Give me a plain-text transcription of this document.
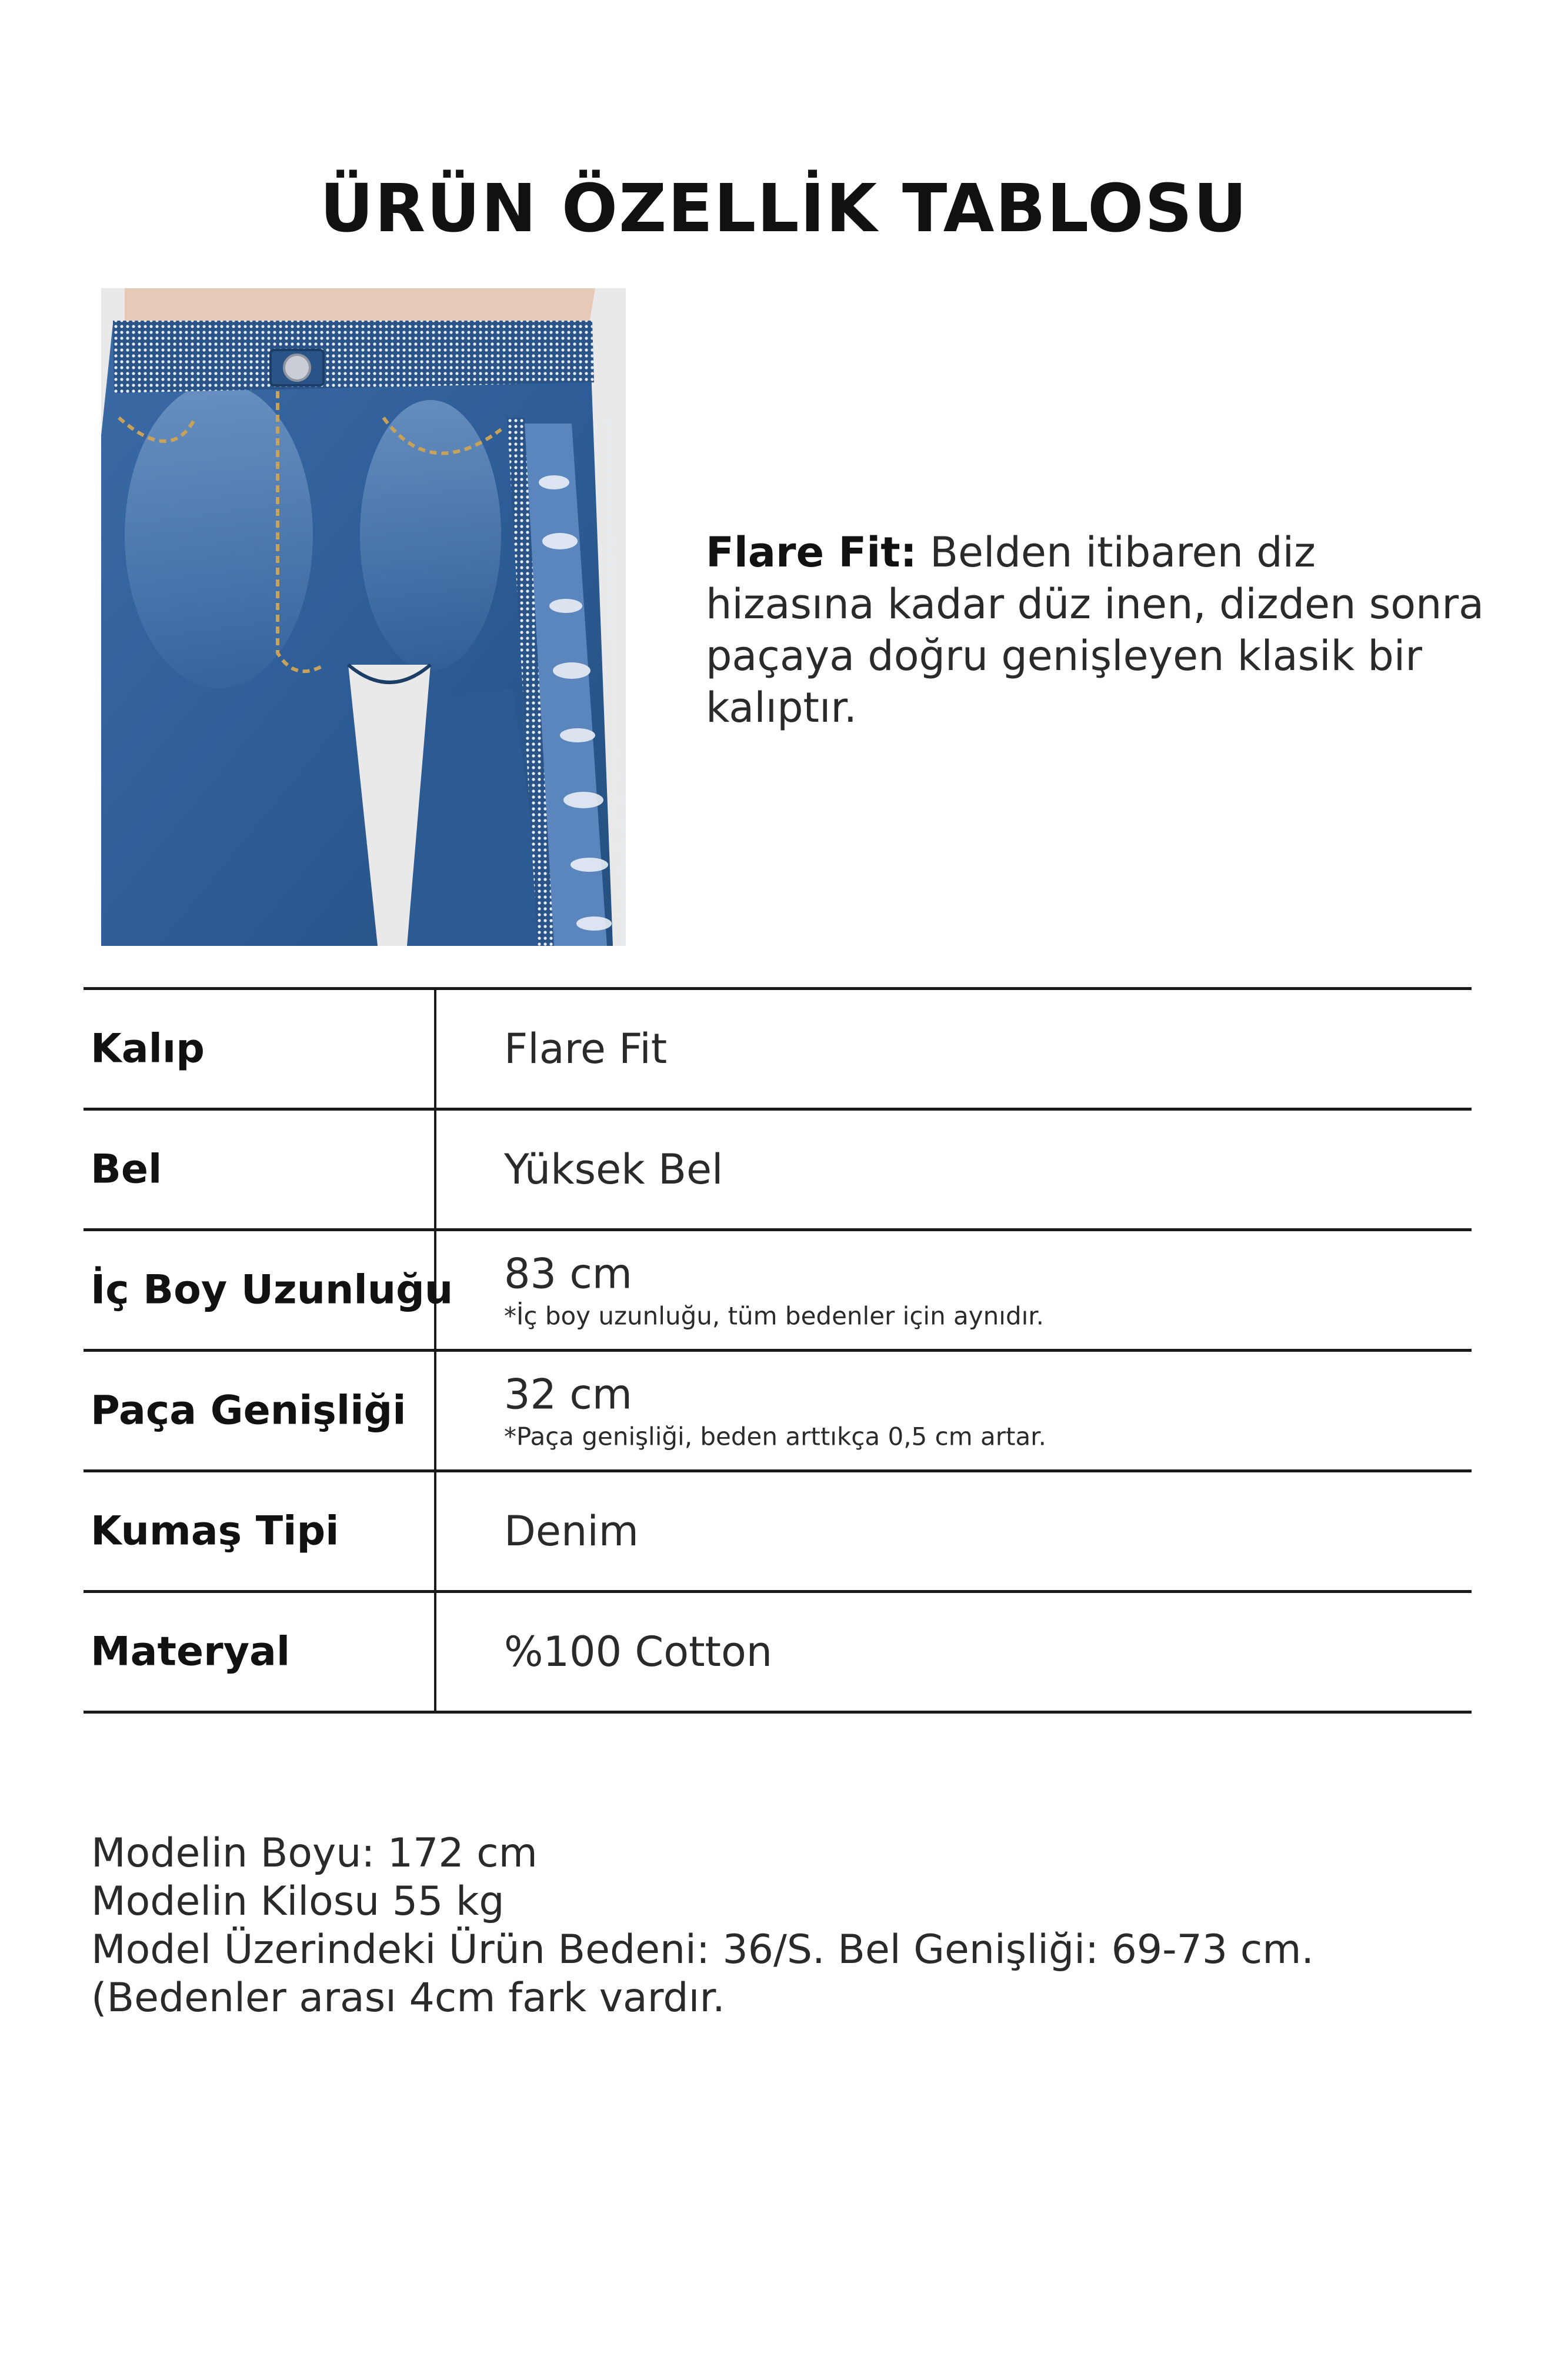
ÜRÜN ÖZELLİK TABLOSU
Flare Fit: Belden itibaren diz hizasına kadar düz inen, dizden sonra paçaya doğru genişleyen klasik bir kalıptır.
Kalıp	Flare Fit
Bel	Yüksek Bel
İç Boy Uzunluğu 83 cm
*İç boy uzunluğu, tüm bedenler için aynıdır.
Paça Genişliği 32 cm
*Paça genişliği, beden arttıkça 0,5 cm artar.
Kumaş Tipi	Denim
Materyal	%100 Cotton
Modelin Boyu: 172 cm
Modelin Kilosu 55 kg
Model Üzerindeki Ürün Bedeni: 36/S. Bel Genişliği: 69-73 cm. (Bedenler arası 4cm fark vardır.
